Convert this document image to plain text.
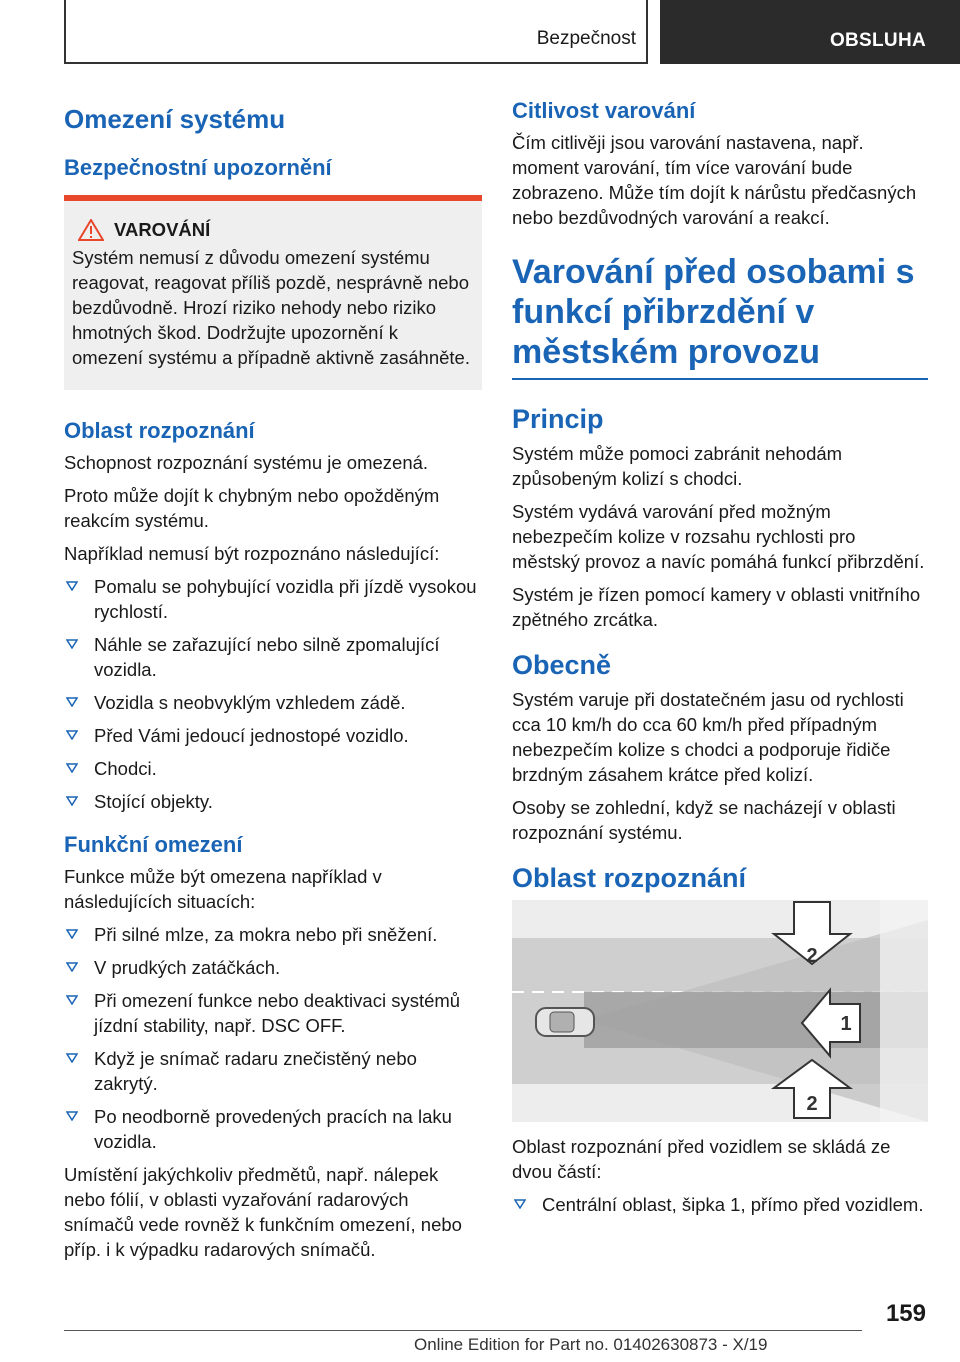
Bezpečnost	OBSLUHA
Omezení systému
Bezpečnostní upozornění
VAROVÁNÍ

Systém nemusí z důvodu omezení systému reagovat, reagovat příliš pozdě, nesprávně nebo bezdůvodně. Hrozí riziko nehody nebo riziko hmotných škod. Dodržujte upozornění k omezení systému a případně aktivně zasáhněte.

Oblast rozpoznání

Schopnost rozpoznání systému je omezená.

Proto může dojít k chybným nebo opožděným reakcím systému.

Například nemusí být rozpoznáno následující:

Pomalu se pohybující vozidla při jízdě vysokou rychlostí.
Náhle se zařazující nebo silně zpomalující vozidla.
Vozidla s neobvyklým vzhledem zádě.
Před Vámi jedoucí jednostopé vozidlo.
Chodci.
Stojící objekty.
Funkční omezení

Funkce může být omezena například v následujících situacích:

Při silné mlze, za mokra nebo při sněžení.
V prudkých zatáčkách.
Při omezení funkce nebo deaktivaci systémů jízdní stability, např. DSC OFF.
Když je snímač radaru znečistěný nebo zakrytý.
Po neodborně provedených pracích na laku vozidla.

Umístění jakýchkoliv předmětů, např. nálepek nebo fólií, v oblasti vyzařování radarových snímačů vede rovněž k funkčním omezení, nebo příp. i k výpadku radarových snímačů.

Citlivost varování

Čím citlivěji jsou varování nastavena, např. moment varování, tím více varování bude zobrazeno. Může tím dojít k nárůstu předčasných nebo bezdůvodných varování a reakcí.

Varování před osobami s funkcí přibrzdění v městském provozu
Princip

Systém může pomoci zabránit nehodám způsobeným kolizí s chodci.

Systém vydává varování před možným nebezpečím kolize v rozsahu rychlosti pro městský provoz a navíc pomáhá funkcí přibrzdění.

Systém je řízen pomocí kamery v oblasti vnitřního zpětného zrcátka.

Obecně

Systém varuje při dostatečném jasu od rychlosti cca 10 km/h do cca 60 km/h před případným nebezpečím kolize s chodci a podporuje řidiče brzdným zásahem krátce před kolizí.

Osoby se zohlední, když se nacházejí v oblasti rozpoznání systému.

Oblast rozpoznání
2
1
2

Oblast rozpoznání před vozidlem se skládá ze dvou částí:

Centrální oblast, šipka 1, přímo před vozidlem.
159
Online Edition for Part no. 01402630873 - X/19
